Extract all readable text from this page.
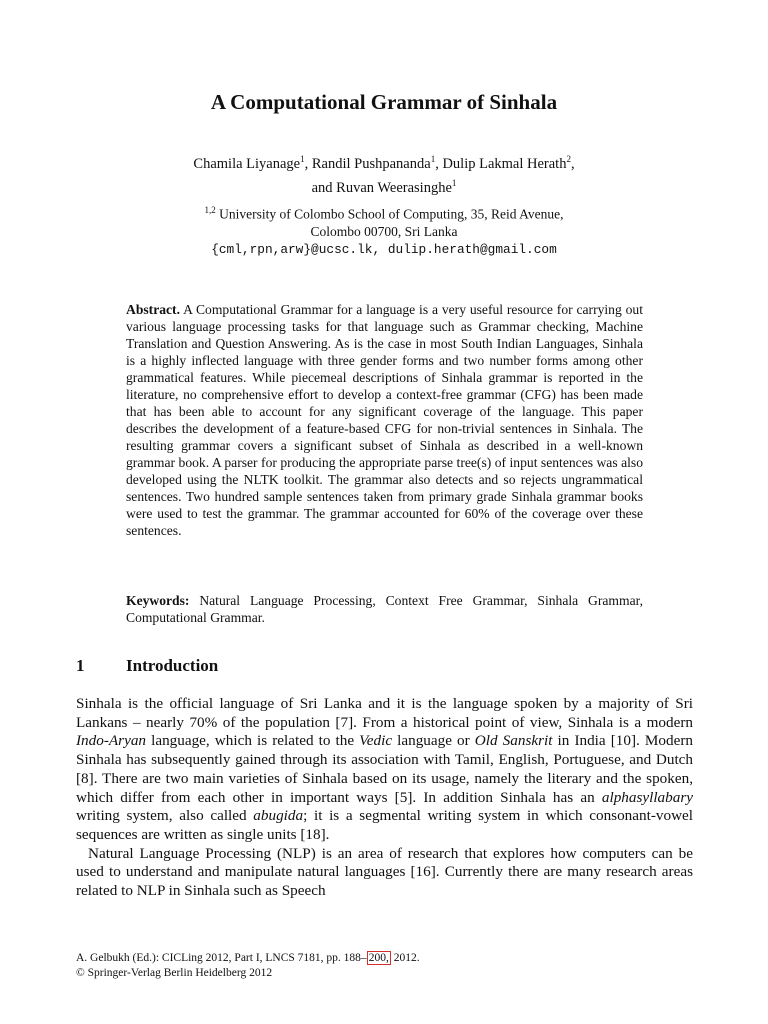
A Computational Grammar of Sinhala
Chamila Liyanage$^1$, Randil Pushpananda$^1$, Dulip Lakmal Herath$^2$,
and Ruvan Weerasinghe$^1$
$^{1,2}$ University of Colombo School of Computing, 35, Reid Avenue,
Colombo 00700, Sri Lanka
{cml,rpn,arw}@ucsc.lk, dulip.herath@gmail.com
Abstract. A Computational Grammar for a language is a very useful resource for carrying out various language processing tasks for that language such as Grammar checking, Machine Translation and Question Answering. As is the case in most South Indian Languages, Sinhala is a highly inflected language with three gender forms and two number forms among other grammatical features. While piecemeal descriptions of Sinhala grammar is reported in the literature, no comprehensive effort to develop a context-free grammar (CFG) has been made that has been able to account for any significant coverage of the language. This paper describes the development of a feature-based CFG for non-trivial sentences in Sinhala. The resulting grammar covers a significant subset of Sinhala as described in a well-known grammar book. A parser for producing the appropriate parse tree(s) of input sentences was also developed using the NLTK toolkit. The grammar also detects and so rejects ungrammatical sentences. Two hundred sample sentences taken from primary grade Sinhala grammar books were used to test the grammar. The grammar accounted for 60% of the coverage over these sentences.
Keywords: Natural Language Processing, Context Free Grammar, Sinhala Grammar, Computational Grammar.
1 Introduction

Sinhala is the official language of Sri Lanka and it is the language spoken by a majority of Sri Lankans – nearly 70% of the population [7]. From a historical point of view, Sinhala is a modern Indo-Aryan language, which is related to the Vedic language or Old Sanskrit in India [10]. Modern Sinhala has subsequently gained through its association with Tamil, English, Portuguese, and Dutch [8]. There are two main varieties of Sinhala based on its usage, namely the literary and the spoken, which differ from each other in important ways [5]. In addition Sinhala has an alphasyllabary writing system, also called abugida; it is a segmental writing system in which consonant-vowel sequences are written as single units [18].

Natural Language Processing (NLP) is an area of research that explores how computers can be used to understand and manipulate natural languages [16]. Currently there are many research areas related to NLP in Sinhala such as Speech

A. Gelbukh (Ed.): CICLing 2012, Part I, LNCS 7181, pp. 188– 200, 2012.
© Springer-Verlag Berlin Heidelberg 2012
